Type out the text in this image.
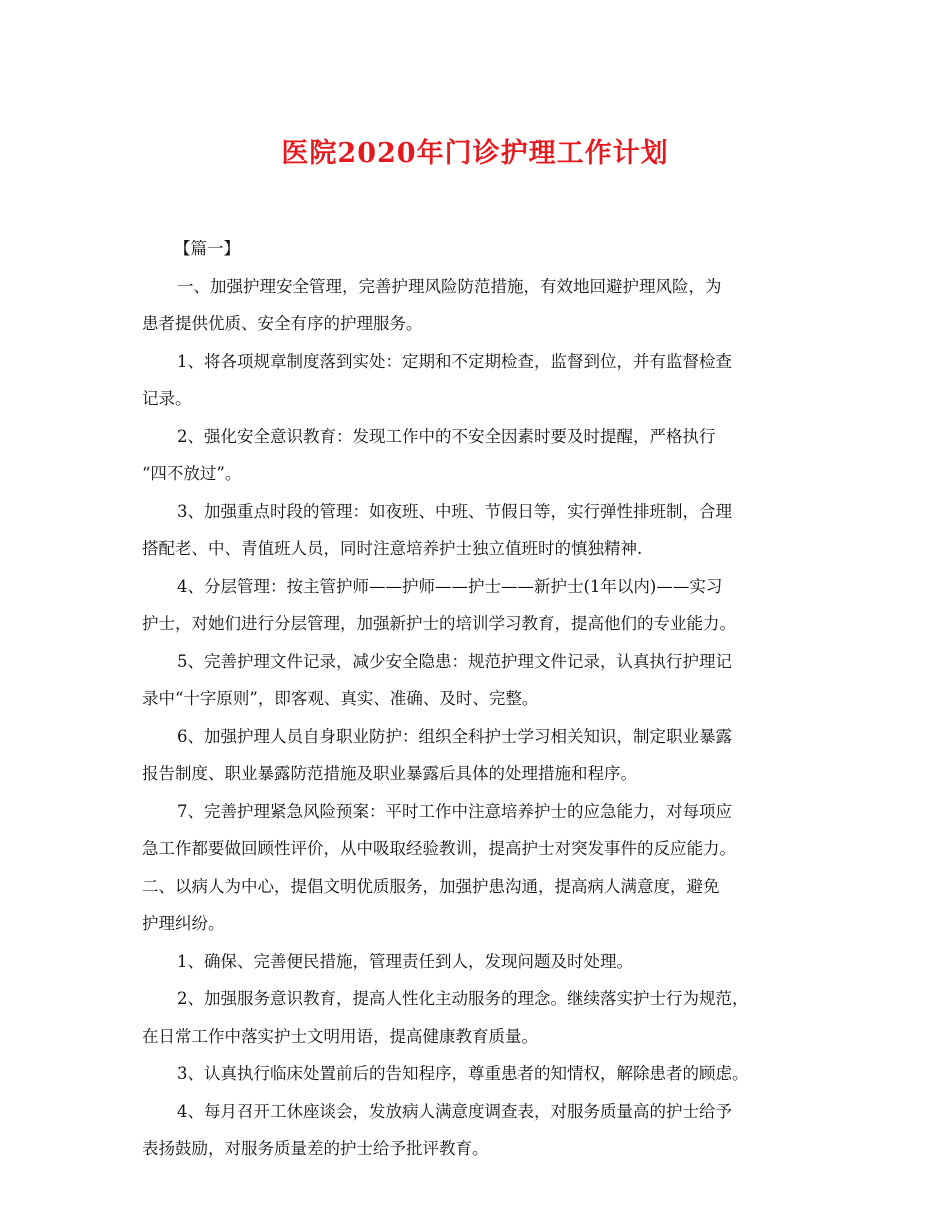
医院2020年门诊护理工作计划
【篇一】
一、加强护理安全管理，完善护理风险防范措施，有效地回避护理风险，为
患者提供优质、安全有序的护理服务。
1、将各项规章制度落到实处：定期和不定期检查，监督到位，并有监督检查
记录。
2、强化安全意识教育：发现工作中的不安全因素时要及时提醒，严格执行
“四不放过”。
3、加强重点时段的管理：如夜班、中班、节假日等，实行弹性排班制，合理
搭配老、中、青值班人员，同时注意培养护士独立值班时的慎独精神.
4、分层管理：按主管护师——护师——护士——新护士(1年以内)——实习
护士，对她们进行分层管理，加强新护士的培训学习教育，提高他们的专业能力。
5、完善护理文件记录，减少安全隐患：规范护理文件记录，认真执行护理记
录中“十字原则”，即客观、真实、准确、及时、完整。
6、加强护理人员自身职业防护：组织全科护士学习相关知识，制定职业暴露
报告制度、职业暴露防范措施及职业暴露后具体的处理措施和程序。
7、完善护理紧急风险预案：平时工作中注意培养护士的应急能力，对每项应
急工作都要做回顾性评价，从中吸取经验教训，提高护士对突发事件的反应能力。
二、以病人为中心，提倡文明优质服务，加强护患沟通，提高病人满意度，避免
护理纠纷。
1、确保、完善便民措施，管理责任到人，发现问题及时处理。
2、加强服务意识教育，提高人性化主动服务的理念。继续落实护士行为规范，
在日常工作中落实护士文明用语，提高健康教育质量。
3、认真执行临床处置前后的告知程序，尊重患者的知情权，解除患者的顾虑。
4、每月召开工休座谈会，发放病人满意度调查表，对服务质量高的护士给予
表扬鼓励，对服务质量差的护士给予批评教育。
